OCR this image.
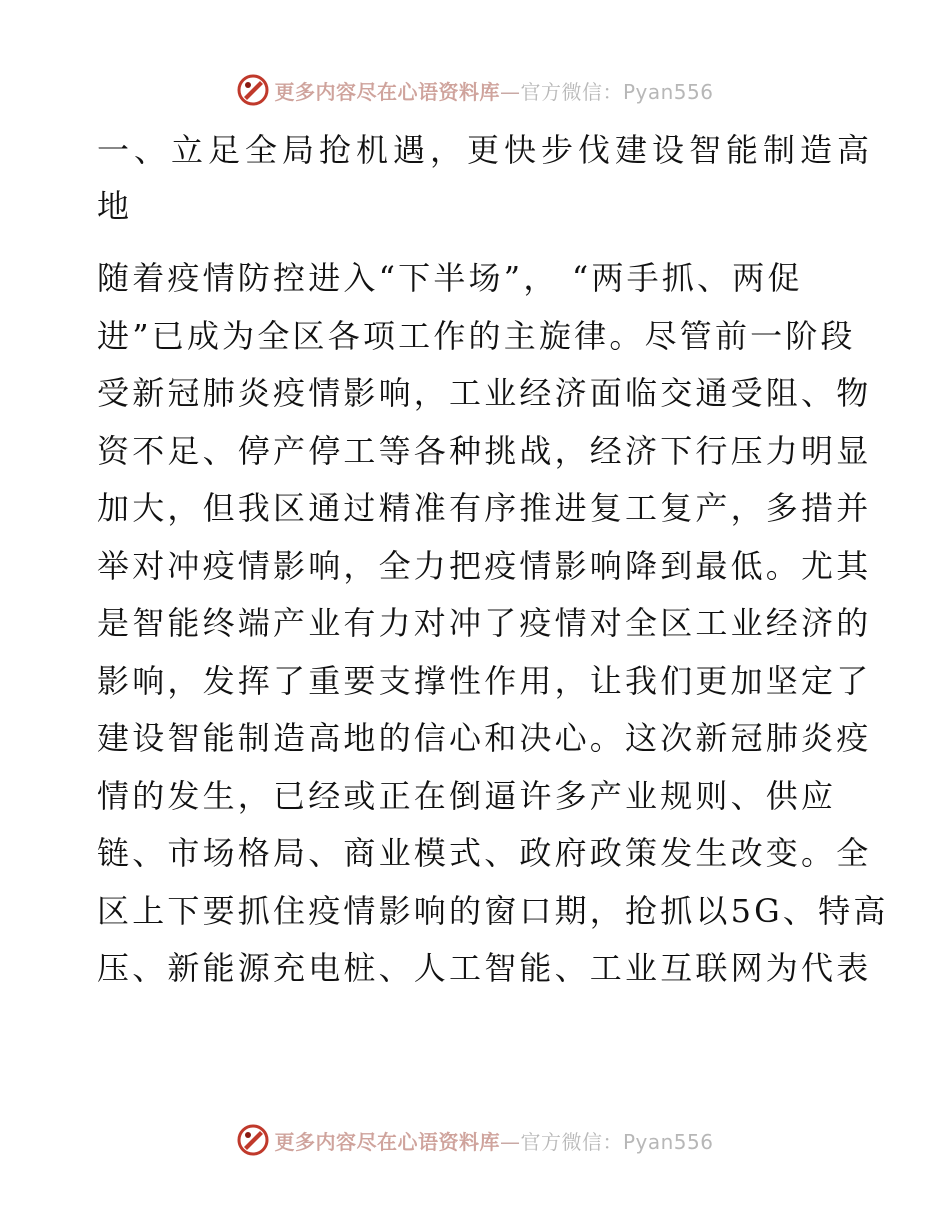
更多内容尽在心语资料库—官方微信：Pyan556
一、立足全局抢机遇，更快步伐建设智能制造高
地
随着疫情防控进入“下半场”， “两手抓、两促
进”已成为全区各项工作的主旋律。尽管前一阶段
受新冠肺炎疫情影响，工业经济面临交通受阻、物
资不足、停产停工等各种挑战，经济下行压力明显
加大，但我区通过精准有序推进复工复产，多措并
举对冲疫情影响，全力把疫情影响降到最低。尤其
是智能终端产业有力对冲了疫情对全区工业经济的
影响，发挥了重要支撑性作用，让我们更加坚定了
建设智能制造高地的信心和决心。这次新冠肺炎疫
情的发生，已经或正在倒逼许多产业规则、供应
链、市场格局、商业模式、政府政策发生改变。全
区上下要抓住疫情影响的窗口期，抢抓以5G、特高
压、新能源充电桩、人工智能、工业互联网为代表
更多内容尽在心语资料库—官方微信：Pyan556
